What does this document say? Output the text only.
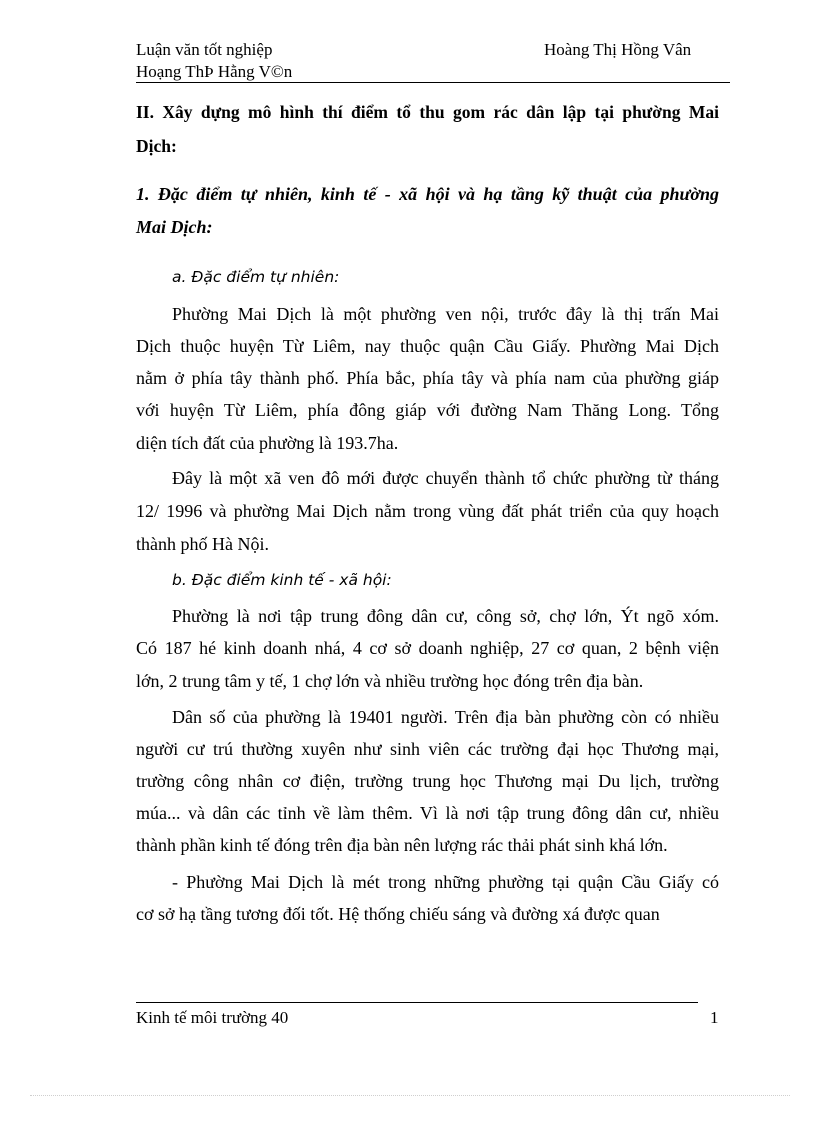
Luận văn tốt nghiệp	Hoàng Thị Hồng Vân
Hoạng ThÞ Hằng V©n
II. Xây dựng mô hình thí điểm tổ thu gom rác dân lập tại phường Mai
Dịch:
1. Đặc điểm tự nhiên, kinh tế - xã hội và hạ tầng kỹ thuật của phường
Mai Dịch:
a. Đặc điểm tự nhiên:
Phường Mai Dịch là một phường ven nội, trước đây là thị trấn Mai
Dịch thuộc huyện Từ Liêm, nay thuộc quận Cầu Giấy. Phường Mai Dịch
nằm ở phía tây thành phố. Phía bắc, phía tây và phía nam của phường giáp
với huyện Từ Liêm, phía đông giáp với đường Nam Thăng Long. Tổng
diện tích đất của phường là 193.7ha.
Đây là một xã ven đô mới được chuyển thành tổ chức phường từ tháng
12/ 1996 và phường Mai Dịch nằm trong vùng đất phát triển của quy hoạch
thành phố Hà Nội.
b. Đặc điểm kinh tế - xã hội:
Phường là nơi tập trung đông dân cư, công sở, chợ lớn, Ýt ngõ xóm.
Có 187 hé kinh doanh nhá, 4 cơ sở doanh nghiệp, 27 cơ quan, 2 bệnh viện
lớn, 2 trung tâm y tế, 1 chợ lớn và nhiều trường học đóng trên địa bàn.
Dân số của phường là 19401 người. Trên địa bàn phường còn có nhiều
người cư trú thường xuyên như sinh viên các trường đại học Thương mại,
trường công nhân cơ điện, trường trung học Thương mại Du lịch, trường
múa... và dân các tỉnh về làm thêm. Vì là nơi tập trung đông dân cư, nhiều
thành phần kinh tế đóng trên địa bàn nên lượng rác thải phát sinh khá lớn.
- Phường Mai Dịch là mét trong những phường tại quận Cầu Giấy có
cơ sở hạ tầng tương đối tốt. Hệ thống chiếu sáng và đường xá được quan
Kinh tế môi trường 40	1
